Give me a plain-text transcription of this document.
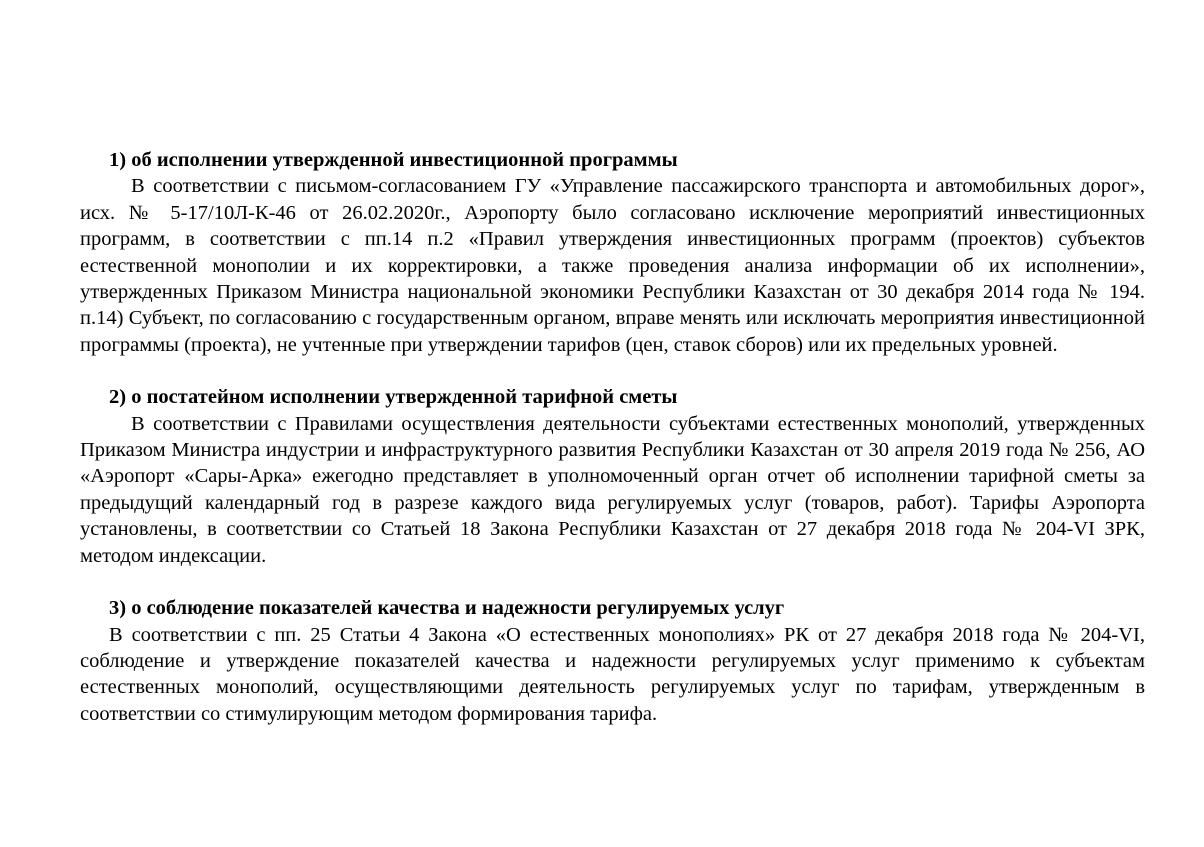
1) об исполнении утвержденной инвестиционной программы

В соответствии с письмом-согласованием ГУ «Управление пассажирского транспорта и автомобильных дорог», исх. № 5-17/10Л-К-46 от 26.02.2020г., Аэропорту было согласовано исключение мероприятий инвестиционных программ, в соответствии с пп.14 п.2 «Правил утверждения инвестиционных программ (проектов) субъектов естественной монополии и их корректировки, а также проведения анализа информации об их исполнении», утвержденных Приказом Министра национальной экономики Республики Казахстан от 30 декабря 2014 года № 194. п.14) Субъект, по согласованию с государственным органом, вправе менять или исключать мероприятия инвестиционной программы (проекта), не учтенные при утверждении тарифов (цен, ставок сборов) или их предельных уровней.

2) о постатейном исполнении утвержденной тарифной сметы

В соответствии с Правилами осуществления деятельности субъектами естественных монополий, утвержденных Приказом Министра индустрии и инфраструктурного развития Республики Казахстан от 30 апреля 2019 года № 256, АО «Аэропорт «Сары-Арка» ежегодно представляет в уполномоченный орган отчет об исполнении тарифной сметы за предыдущий календарный год в разрезе каждого вида регулируемых услуг (товаров, работ). Тарифы Аэропорта установлены, в соответствии со Статьей 18 Закона Республики Казахстан от 27 декабря 2018 года № 204-VI ЗРК, методом индексации.

3) о соблюдение показателей качества и надежности регулируемых услуг

В соответствии с пп. 25 Статьи 4 Закона «О естественных монополиях» РК от 27 декабря 2018 года № 204-VI, соблюдение и утверждение показателей качества и надежности регулируемых услуг применимо к субъектам естественных монополий, осуществляющими деятельность регулируемых услуг по тарифам, утвержденным в соответствии со стимулирующим методом формирования тарифа.
